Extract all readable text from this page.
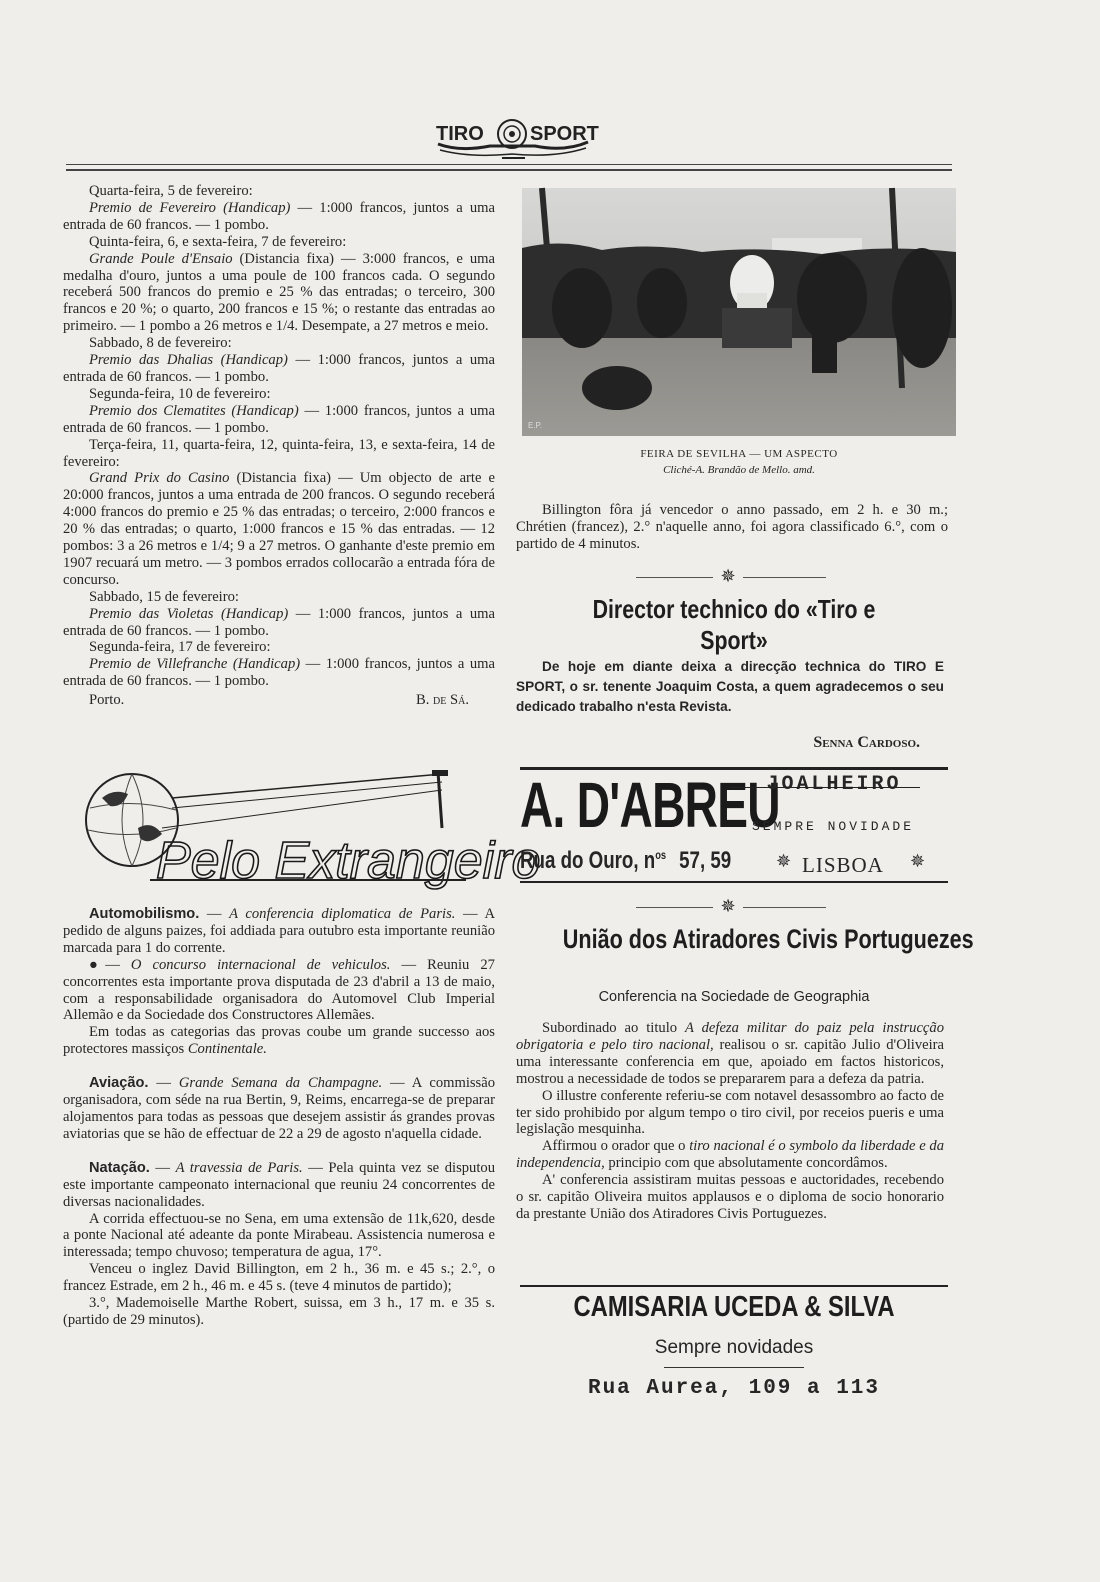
TIRO SPORT

Quarta-feira, 5 de fevereiro:

Premio de Fevereiro (Handicap) — 1:000 francos, juntos a uma entrada de 60 francos. — 1 pombo.

Quinta-feira, 6, e sexta-feira, 7 de fevereiro:

Grande Poule d'Ensaio (Distancia fixa) — 3:000 francos, e uma medalha d'ouro, juntos a uma poule de 100 francos cada. O segundo receberá 500 francos do premio e 25 % das entradas; o terceiro, 300 francos e 20 %; o quarto, 200 francos e 15 %; o restante das entradas ao primeiro. — 1 pombo a 26 metros e 1/4. Desempate, a 27 metros e meio.

Sabbado, 8 de fevereiro:

Premio das Dhalias (Handicap) — 1:000 francos, juntos a uma entrada de 60 francos. — 1 pombo.

Segunda-feira, 10 de fevereiro:

Premio dos Clematites (Handicap) — 1:000 francos, juntos a uma entrada de 60 francos. — 1 pombo.

Terça-feira, 11, quarta-feira, 12, quinta-feira, 13, e sexta-feira, 14 de fevereiro:

Grand Prix do Casino (Distancia fixa) — Um objecto de arte e 20:000 francos, juntos a uma entrada de 200 francos. O segundo receberá 4:000 francos do premio e 25 % das entradas; o terceiro, 2:000 francos e 20 % das entradas; o quarto, 1:000 francos e 15 % das entradas. — 12 pombos: 3 a 26 metros e 1/4; 9 a 27 metros. O ganhante d'este premio em 1907 recuará um metro. — 3 pombos errados collocarão a entrada fóra de concurso.

Sabbado, 15 de fevereiro:

Premio das Violetas (Handicap) — 1:000 francos, juntos a uma entrada de 60 francos. — 1 pombo.

Segunda-feira, 17 de fevereiro:

Premio de Villefranche (Handicap) — 1:000 francos, juntos a uma entrada de 60 francos. — 1 pombo.

Porto.	B. de Sá.
Pelo Extrangeiro

Automobilismo. — A conferencia diplomatica de Paris. — A pedido de alguns paizes, foi addiada para outubro esta importante reunião marcada para 1 do corrente.

●— O concurso internacional de vehiculos. — Reuniu 27 concorrentes esta importante prova disputada de 23 d'abril a 13 de maio, com a responsabilidade organisadora do Automovel Club Imperial Allemão e da Sociedade dos Constructores Allemães.

Em todas as categorias das provas coube um grande successo aos protectores massiços Continentale.

Aviação. — Grande Semana da Champagne. — A commissão organisadora, com séde na rua Bertin, 9, Reims, encarrega-se de preparar alojamentos para todas as pessoas que desejem assistir ás grandes provas aviatorias que se hão de effectuar de 22 a 29 de agosto n'aquella cidade.

Natação. — A travessia de Paris. — Pela quinta vez se disputou este importante campeonato internacional que reuniu 24 concorrentes de diversas nacionalidades.

A corrida effectuou-se no Sena, em uma extensão de 11k,620, desde a ponte Nacional até adeante da ponte Mirabeau. Assistencia numerosa e interessada; tempo chuvoso; temperatura de agua, 17°.

Venceu o inglez David Billington, em 2 h., 36 m. e 45 s.; 2.°, o francez Estrade, em 2 h., 46 m. e 45 s. (teve 4 minutos de partido);

3.°, Mademoiselle Marthe Robert, suissa, em 3 h., 17 m. e 35 s. (partido de 29 minutos).

E.P.
FEIRA DE SEVILHA — UM ASPECTO
Cliché-A. Brandão de Mello. amd.

Billington fôra já vencedor o anno passado, em 2 h. e 30 m.; Chrétien (francez), 2.° n'aquelle anno, foi agora classificado 6.°, com o partido de 4 minutos.

✵
Director technico do «Tiro e Sport»
De hoje em diante deixa a direcção technica do TIRO E SPORT, o sr. tenente Joaquim Costa, a quem agradecemos o seu dedicado trabalho n'esta Revista.
Senna Cardoso.
A. D'ABREU
JOALHEIRO
SEMPRE NOVIDADE
Rua do Ouro, $n^{os}$ 57, 59 ✵ LISBOA ✵
✵
União dos Atiradores Civis Portuguezes
Conferencia na Sociedade de Geographia

Subordinado ao titulo A defeza militar do paiz pela instrucção obrigatoria e pelo tiro nacional, realisou o sr. capitão Julio d'Oliveira uma interessante conferencia em que, apoiado em factos historicos, mostrou a necessidade de todos se prepararem para a defeza da patria.

O illustre conferente referiu-se com notavel desassombro ao facto de ter sido prohibido por algum tempo o tiro civil, por receios pueris e uma legislação mesquinha.

Affirmou o orador que o tiro nacional é o symbolo da liberdade e da independencia, principio com que absolutamente concordâmos.

A' conferencia assistiram muitas pessoas e auctoridades, recebendo o sr. capitão Oliveira muitos applausos e o diploma de socio honorario da prestante União dos Atiradores Civis Portuguezes.

CAMISARIA UCEDA & SILVA
Sempre novidades
Rua Aurea, 109 a 113
